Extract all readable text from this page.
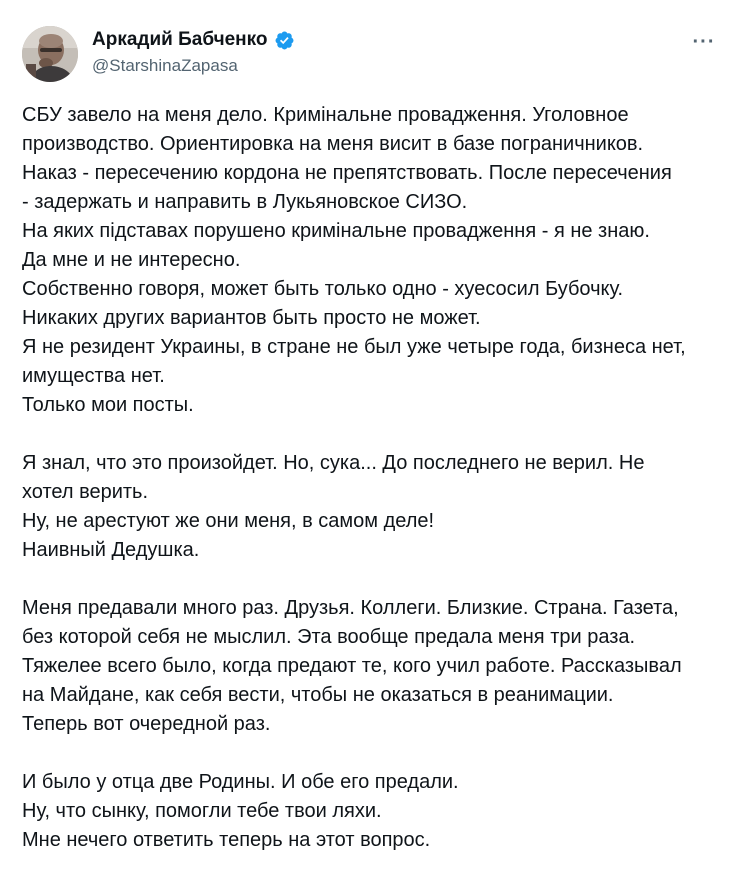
Аркадий Бабченко
@StarshinaZapasa
···
СБУ завело на меня дело. Кримінальне провадження. Уголовное
производство. Ориентировка на меня висит в базе пограничников.
Наказ - пересечению кордона не препятствовать. После пересечения
- задержать и направить в Лукьяновское СИЗО.
На яких підставах порушено кримінальне провадження - я не знаю.
Да мне и не интересно.
Собственно говоря, может быть только одно - хуесосил Бубочку.
Никаких других вариантов быть просто не может.
Я не резидент Украины, в стране не был уже четыре года, бизнеса нет,
имущества нет.
Только мои посты.
Я знал, что это произойдет. Но, сука... До последнего не верил. Не
хотел верить.
Ну, не арестуют же они меня, в самом деле!
Наивный Дедушка.
Меня предавали много раз. Друзья. Коллеги. Близкие. Страна. Газета,
без которой себя не мыслил. Эта вообще предала меня три раза.
Тяжелее всего было, когда предают те, кого учил работе. Рассказывал
на Майдане, как себя вести, чтобы не оказаться в реанимации.
Теперь вот очередной раз.
И было у отца две Родины. И обе его предали.
Ну, что сынку, помогли тебе твои ляхи.
Мне нечего ответить теперь на этот вопрос.
